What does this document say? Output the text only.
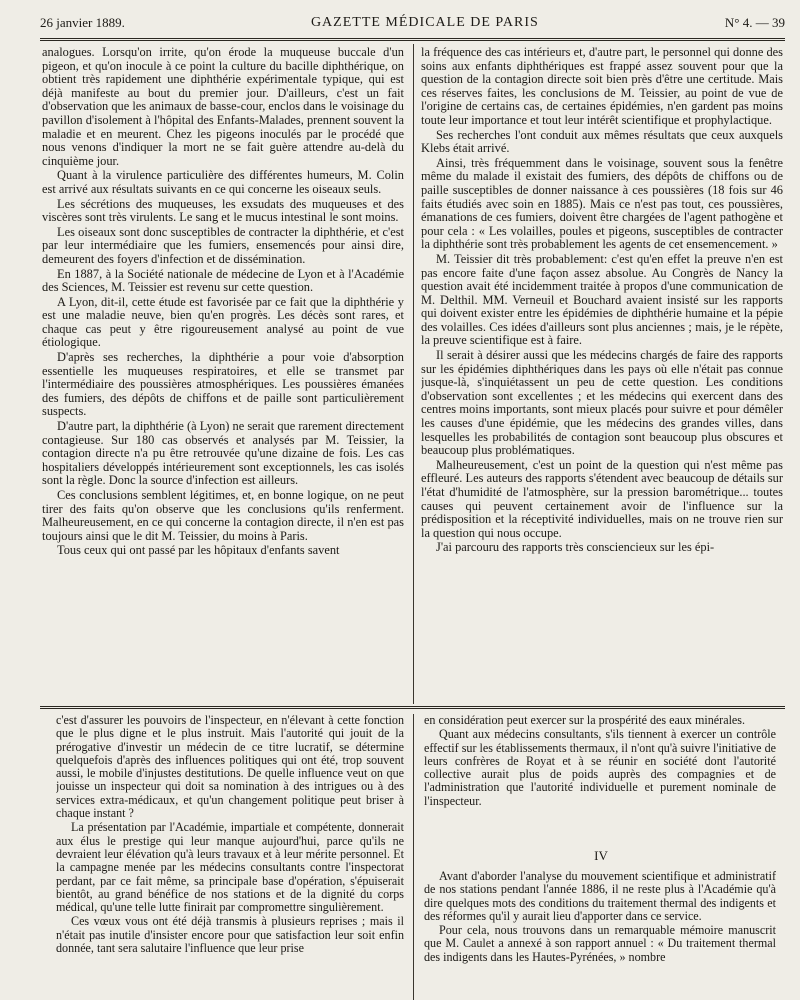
26 janvier 1889.	GAZETTE MÉDICALE DE PARIS	N° 4. — 39

analogues. Lorsqu'on irrite, qu'on érode la muqueuse buccale d'un pigeon, et qu'on inocule à ce point la culture du bacille diphthérique, on obtient très rapidement une diphthérie expérimentale typique, qui est déjà manifeste au bout du premier jour. D'ailleurs, c'est un fait d'observation que les animaux de basse-cour, enclos dans le voisinage du pavillon d'isolement à l'hôpital des Enfants-Malades, prennent souvent la maladie et en meurent. Chez les pigeons inoculés par le procédé que nous venons d'indiquer la mort ne se fait guère attendre au-delà du cinquième jour.

Quant à la virulence particulière des différentes humeurs, M. Colin est arrivé aux résultats suivants en ce qui concerne les oiseaux seuls.

Les sécrétions des muqueuses, les exsudats des muqueuses et des viscères sont très virulents. Le sang et le mucus intestinal le sont moins.

Les oiseaux sont donc susceptibles de contracter la diphthérie, et c'est par leur intermédiaire que les fumiers, ensemencés pour ainsi dire, demeurent des foyers d'infection et de dissémination.

En 1887, à la Société nationale de médecine de Lyon et à l'Académie des Sciences, M. Teissier est revenu sur cette question.

A Lyon, dit-il, cette étude est favorisée par ce fait que la diphthérie y est une maladie neuve, bien qu'en progrès. Les décès sont rares, et chaque cas peut y être rigoureusement analysé au point de vue étiologique.

D'après ses recherches, la diphthérie a pour voie d'absorption essentielle les muqueuses respiratoires, et elle se transmet par l'intermédiaire des poussières atmosphériques. Les poussières émanées des fumiers, des dépôts de chiffons et de paille sont particulièrement suspects.

D'autre part, la diphthérie (à Lyon) ne serait que rarement directement contagieuse. Sur 180 cas observés et analysés par M. Teissier, la contagion directe n'a pu être retrouvée qu'une dizaine de fois. Les cas hospitaliers développés intérieurement sont exceptionnels, les cas isolés sont la règle. Donc la source d'infection est ailleurs.

Ces conclusions semblent légitimes, et, en bonne logique, on ne peut tirer des faits qu'on observe que les conclusions qu'ils renferment. Malheureusement, en ce qui concerne la contagion directe, il n'en est pas toujours ainsi que le dit M. Teissier, du moins à Paris.

Tous ceux qui ont passé par les hôpitaux d'enfants savent

la fréquence des cas intérieurs et, d'autre part, le personnel qui donne des soins aux enfants diphthériques est frappé assez souvent pour que la question de la contagion directe soit bien près d'être une certitude. Mais ces réserves faites, les conclusions de M. Teissier, au point de vue de l'origine de certains cas, de certaines épidémies, n'en gardent pas moins toute leur importance et tout leur intérêt scientifique et prophylactique.

Ses recherches l'ont conduit aux mêmes résultats que ceux auxquels Klebs était arrivé.

Ainsi, très fréquemment dans le voisinage, souvent sous la fenêtre même du malade il existait des fumiers, des dépôts de chiffons ou de paille susceptibles de donner naissance à ces poussières (18 fois sur 46 faits étudiés avec soin en 1885). Mais ce n'est pas tout, ces poussières, émanations de ces fumiers, doivent être chargées de l'agent pathogène et pour cela : « Les volailles, poules et pigeons, susceptibles de contracter la diphthérie sont très probablement les agents de cet ensemencement. »

M. Teissier dit très probablement: c'est qu'en effet la preuve n'en est pas encore faite d'une façon assez absolue. Au Congrès de Nancy la question avait été incidemment traitée à propos d'une communication de M. Delthil. MM. Verneuil et Bouchard avaient insisté sur les rapports qui doivent exister entre les épidémies de diphthérie humaine et la pépie des volailles. Ces idées d'ailleurs sont plus anciennes ; mais, je le répète, la preuve scientifique est à faire.

Il serait à désirer aussi que les médecins chargés de faire des rapports sur les épidémies diphthériques dans les pays où elle n'était pas connue jusque-là, s'inquiétassent un peu de cette question. Les conditions d'observation sont excellentes ; et les médecins qui exercent dans des centres moins importants, sont mieux placés pour suivre et pour démêler les causes d'une épidémie, que les médecins des grandes villes, dans lesquelles les probabilités de contagion sont beaucoup plus obscures et beaucoup plus problématiques.

Malheureusement, c'est un point de la question qui n'est même pas effleuré. Les auteurs des rapports s'étendent avec beaucoup de détails sur l'état d'humidité de l'atmosphère, sur la pression barométrique... toutes causes qui peuvent certainement avoir de l'influence sur la prédisposition et la réceptivité individuelles, mais on ne trouve rien sur la question qui nous occupe.

J'ai parcouru des rapports très consciencieux sur les épi-

c'est d'assurer les pouvoirs de l'inspecteur, en n'élevant à cette fonction que le plus digne et le plus instruit. Mais l'autorité qui jouit de la prérogative d'investir un médecin de ce titre lucratif, se détermine quelquefois d'après des influences politiques qui ont été, trop souvent aussi, le mobile d'injustes destitutions. De quelle influence veut on que jouisse un inspecteur qui doit sa nomination à des intrigues ou à des services extra-médicaux, et qu'un changement politique peut briser à chaque instant ?

La présentation par l'Académie, impartiale et compétente, donnerait aux élus le prestige qui leur manque aujourd'hui, parce qu'ils ne devraient leur élévation qu'à leurs travaux et à leur mérite personnel. Et la campagne menée par les médecins consultants contre l'inspectorat perdant, par ce fait même, sa principale base d'opération, s'épuiserait bientôt, au grand bénéfice de nos stations et de la dignité du corps médical, qu'une telle lutte finirait par compromettre singulièrement.

Ces vœux vous ont été déjà transmis à plusieurs reprises ; mais il n'était pas inutile d'insister encore pour que satisfaction leur soit enfin donnée, tant sera salutaire l'influence que leur prise

en considération peut exercer sur la prospérité des eaux minérales.

Quant aux médecins consultants, s'ils tiennent à exercer un contrôle effectif sur les établissements thermaux, il n'ont qu'à suivre l'initiative de leurs confrères de Royat et à se réunir en société dont l'autorité collective aurait plus de poids auprès des compagnies et de l'administration que l'autorité individuelle et purement nominale de l'inspecteur.

IV

Avant d'aborder l'analyse du mouvement scientifique et administratif de nos stations pendant l'année 1886, il ne reste plus à l'Académie qu'à dire quelques mots des conditions du traitement thermal des indigents et des réformes qu'il y aurait lieu d'apporter dans ce service.

Pour cela, nous trouvons dans un remarquable mémoire manuscrit que M. Caulet a annexé à son rapport annuel : « Du traitement thermal des indigents dans les Hautes-Pyrénées, » nombre
